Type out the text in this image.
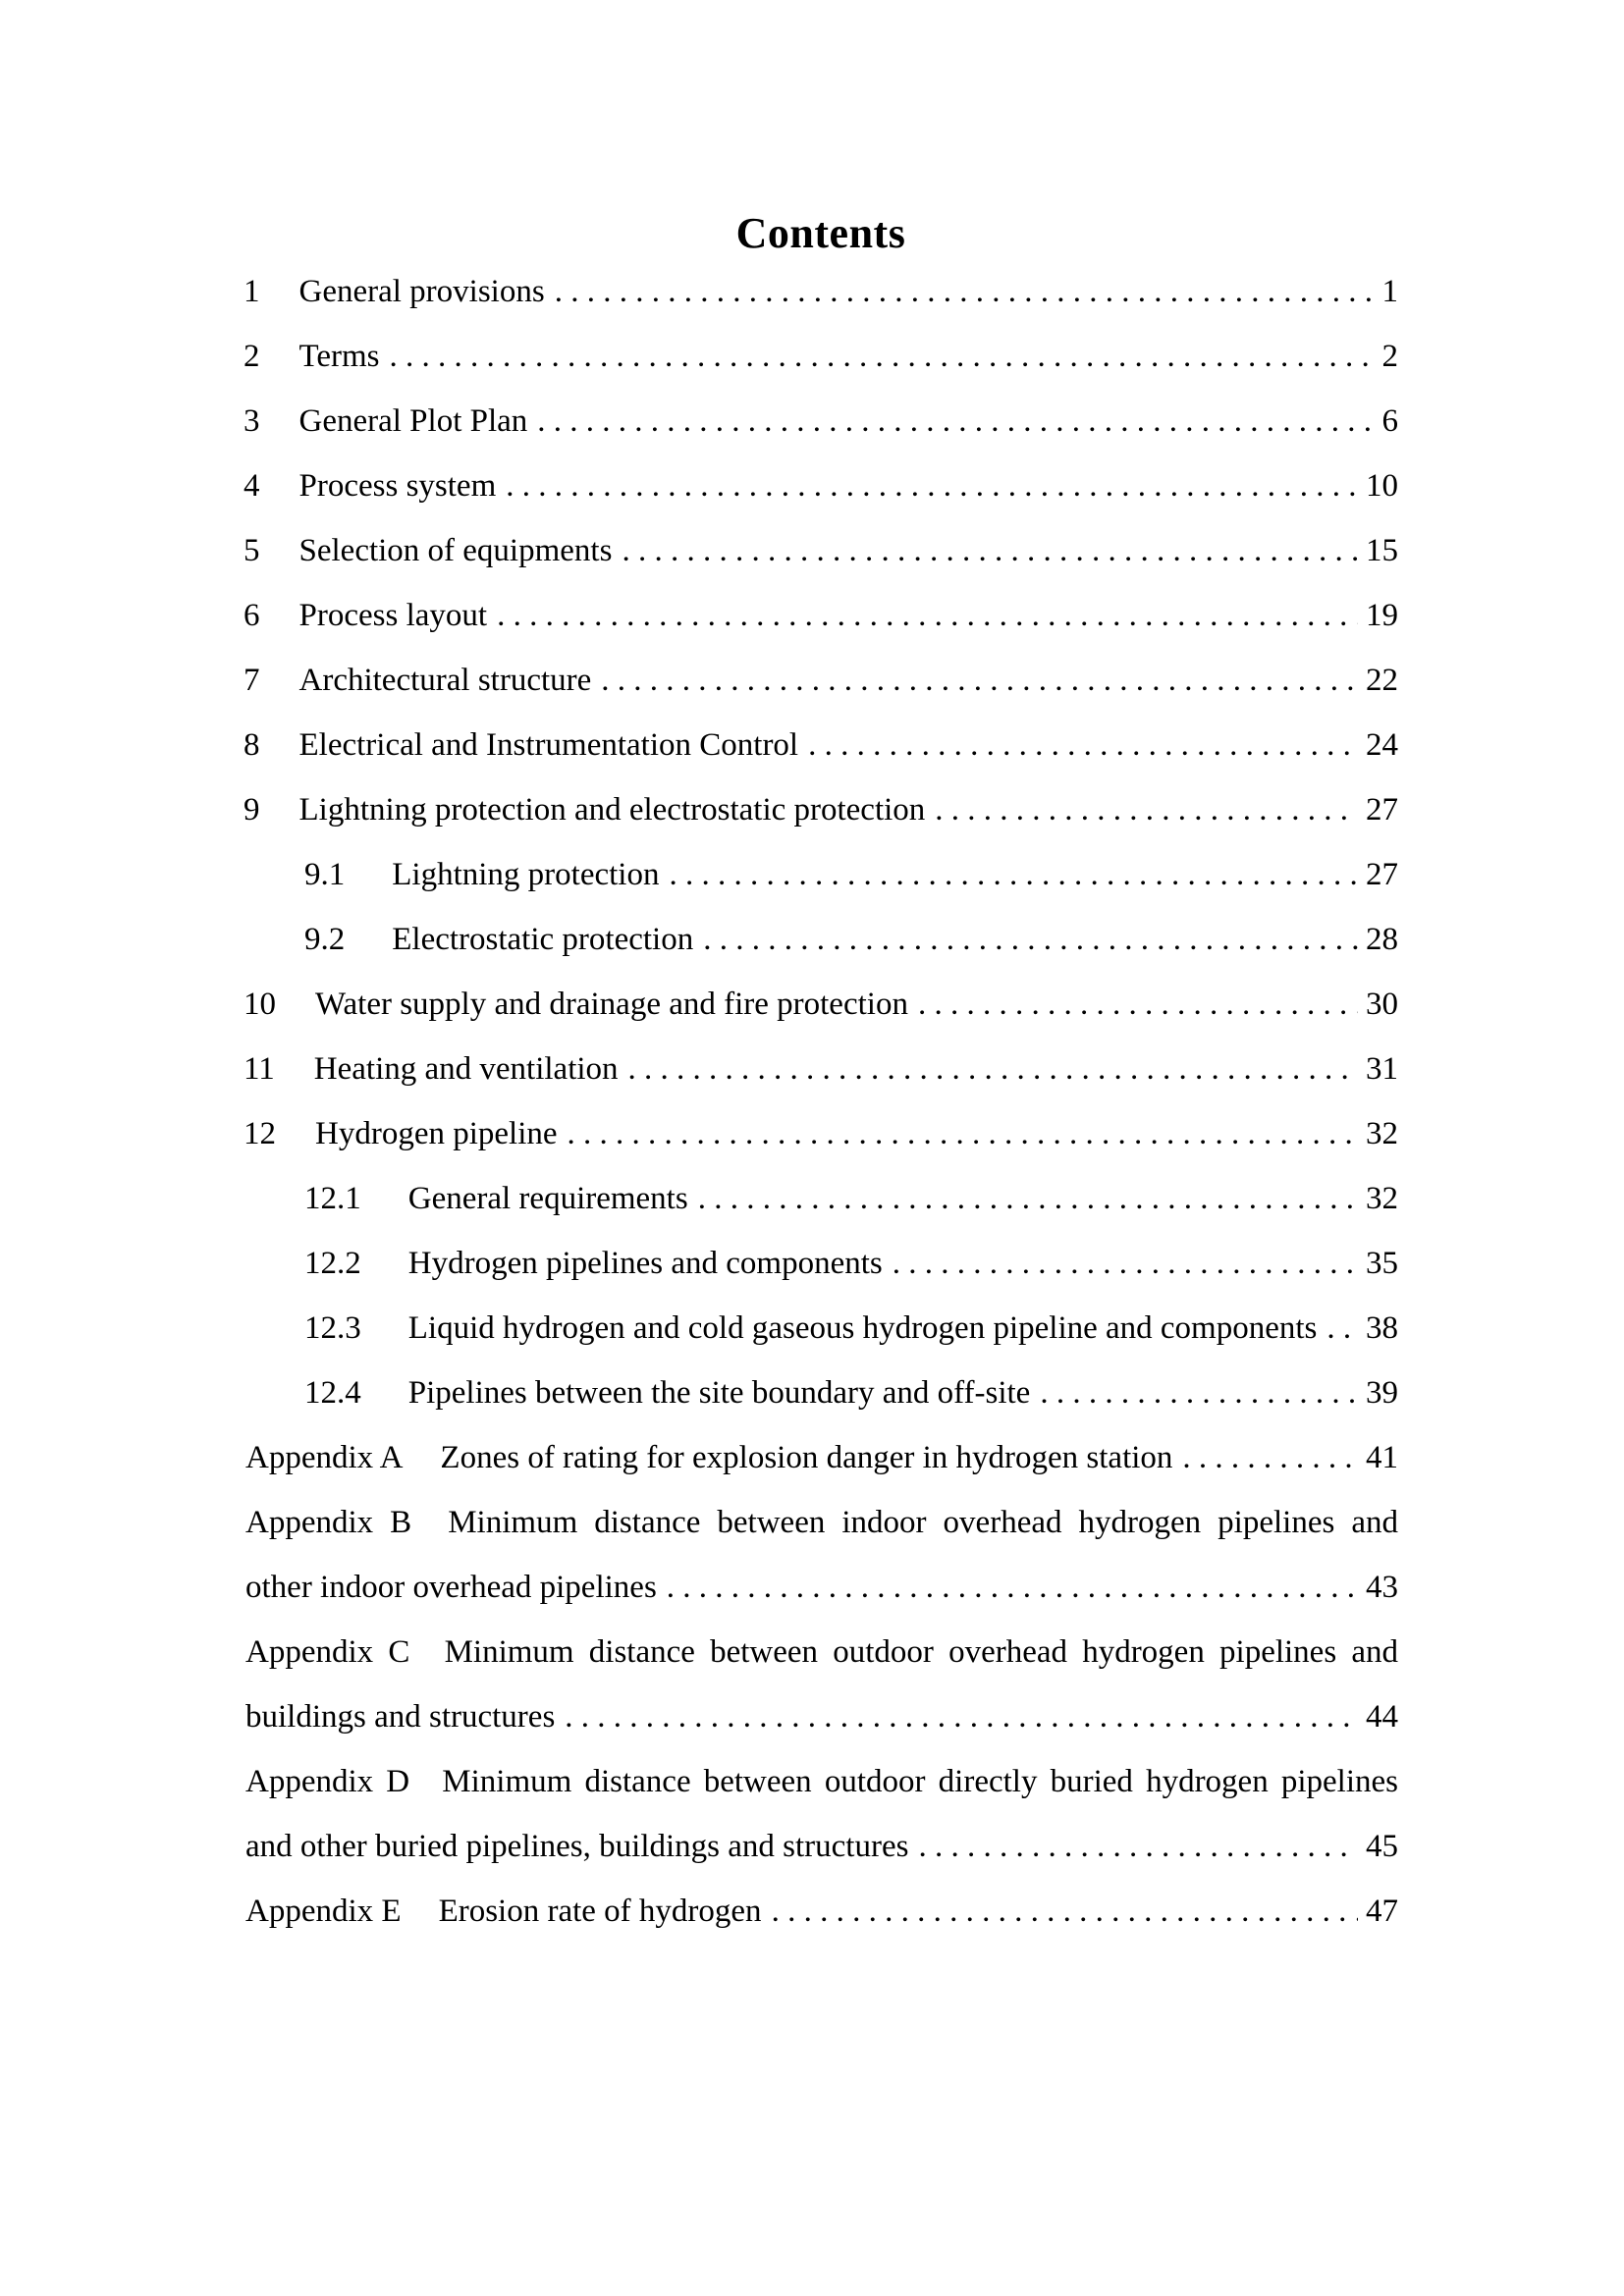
Contents
1 General provisions . . .	1
2 Terms . . .	2
3 General Plot Plan . . .	6
4 Process system . . .	10
5 Selection of equipments . . .	15
6 Process layout . . .	19
7 Architectural structure . . .	22
8 Electrical and Instrumentation Control . . .	24
9 Lightning protection and electrostatic protection . . .	27
9.1 Lightning protection . . .	27
9.2 Electrostatic protection . . .	28
10 Water supply and drainage and fire protection . . .	30
11 Heating and ventilation . . .	31
12 Hydrogen pipeline . . .	32
12.1 General requirements . . .	32
12.2 Hydrogen pipelines and components . . .	35
12.3 Liquid hydrogen and cold gaseous hydrogen pipeline and components . . . 38
12.4 Pipelines between the site boundary and off-site . . .	39
Appendix A Zones of rating for explosion danger in hydrogen station . . .	41
Appendix B Minimum distance between indoor overhead hydrogen pipelines and
other indoor overhead pipelines . . .	43
Appendix C Minimum distance between outdoor overhead hydrogen pipelines and
buildings and structures . . .	44
Appendix D Minimum distance between outdoor directly buried hydrogen pipelines
and other buried pipelines, buildings and structures . . .	45
Appendix E Erosion rate of hydrogen . . .	47
